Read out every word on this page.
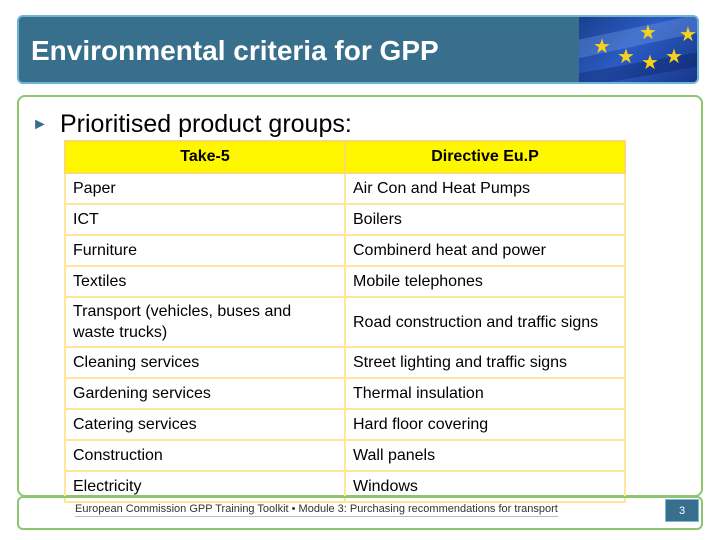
Environmental criteria for GPP	★ ★ ★ ★
★ ★
► Prioritised product groups:
Take-5	Directive Eu.P
Paper	Air Con and Heat Pumps
ICT	Boilers
Furniture	Combinerd heat and power
Textiles	Mobile telephones
Transport (vehicles, buses and waste trucks)	Road construction and traffic signs
Cleaning services	Street lighting and traffic signs
Gardening services	Thermal insulation
Catering services	Hard floor covering
Construction	Wall panels
Electricity	Windows
European Commission GPP Training Toolkit • Module 3: Purchasing recommendations for transport	3
